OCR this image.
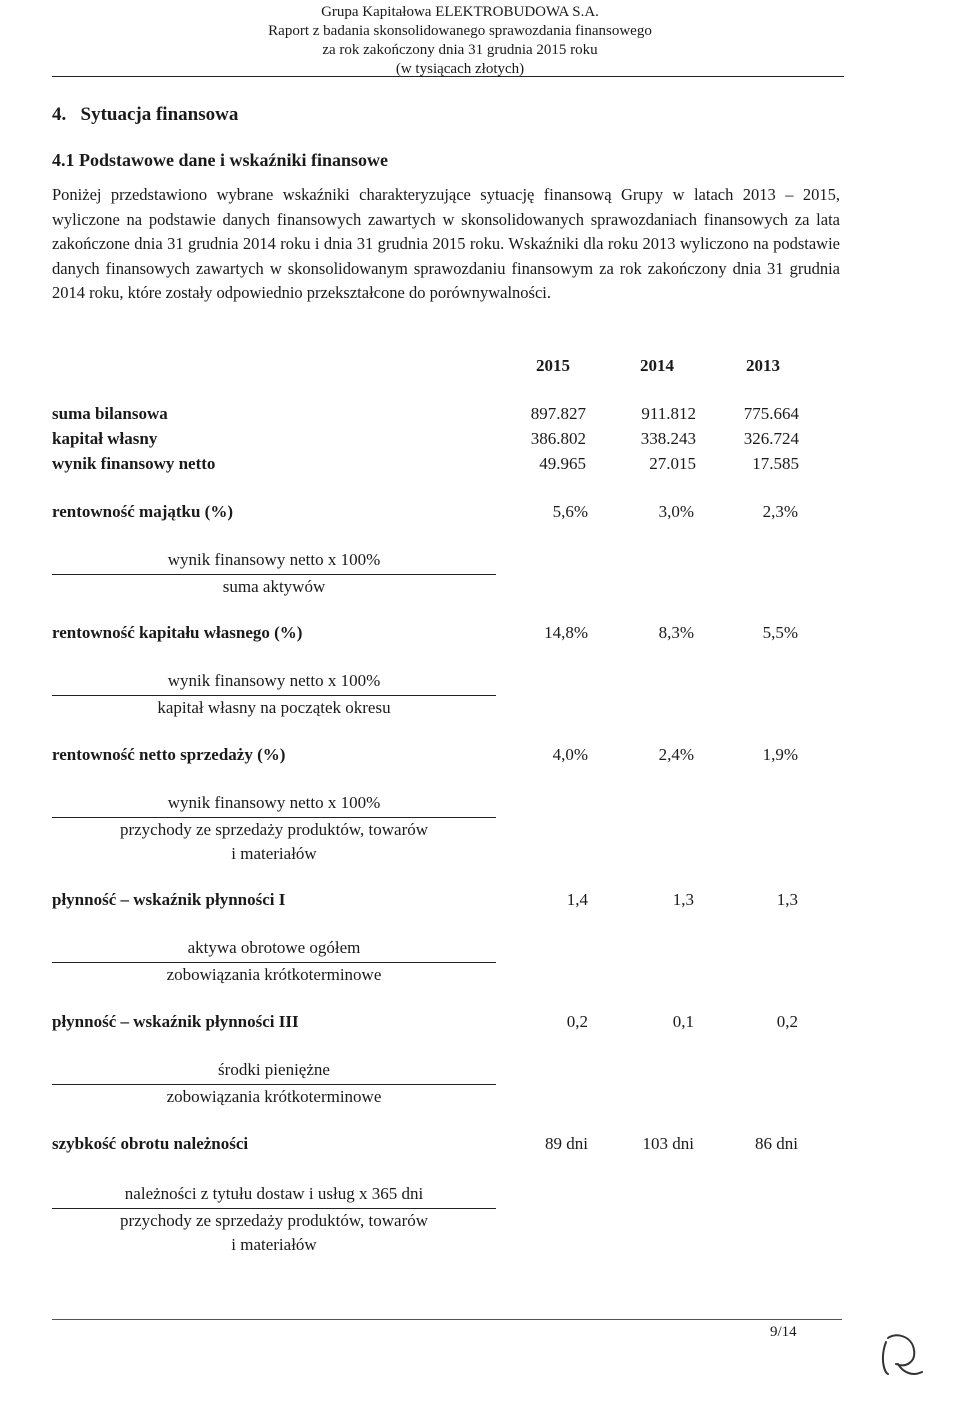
Grupa Kapitałowa ELEKTROBUDOWA S.A.
Raport z badania skonsolidowanego sprawozdania finansowego
za rok zakończony dnia 31 grudnia 2015 roku
(w tysiącach złotych)
4.   Sytuacja finansowa
4.1 Podstawowe dane i wskaźniki finansowe
Poniżej przedstawiono wybrane wskaźniki charakteryzujące sytuację finansową Grupy w latach 2013 – 2015, wyliczone na podstawie danych finansowych zawartych w skonsolidowanych sprawozdaniach finansowych za lata zakończone dnia 31 grudnia 2014 roku i dnia 31 grudnia 2015 roku. Wskaźniki dla roku 2013 wyliczono na podstawie danych finansowych zawartych w skonsolidowanym sprawozdaniu finansowym za rok zakończony dnia 31 grudnia 2014 roku, które zostały odpowiednio przekształcone do porównywalności.
2015	2014	2013
suma bilansowa	897.827	911.812	775.664
kapitał własny	386.802	338.243	326.724
wynik finansowy netto	49.965	27.015	17.585
rentowność majątku (%)	5,6%	3,0%	2,3%
wynik finansowy netto x 100%
suma aktywów
rentowność kapitału własnego (%)	14,8%	8,3%	5,5%
wynik finansowy netto x 100%
kapitał własny na początek okresu
rentowność netto sprzedaży (%)	4,0%	2,4%	1,9%
wynik finansowy netto x 100%
przychody ze sprzedaży produktów, towarów
i materiałów
płynność – wskaźnik płynności I	1,4	1,3	1,3
aktywa obrotowe ogółem
zobowiązania krótkoterminowe
płynność – wskaźnik płynności III	0,2	0,1	0,2
środki pieniężne
zobowiązania krótkoterminowe
szybkość obrotu należności	89 dni	103 dni	86 dni
należności z tytułu dostaw i usług x 365 dni
przychody ze sprzedaży produktów, towarów
i materiałów
9/14
